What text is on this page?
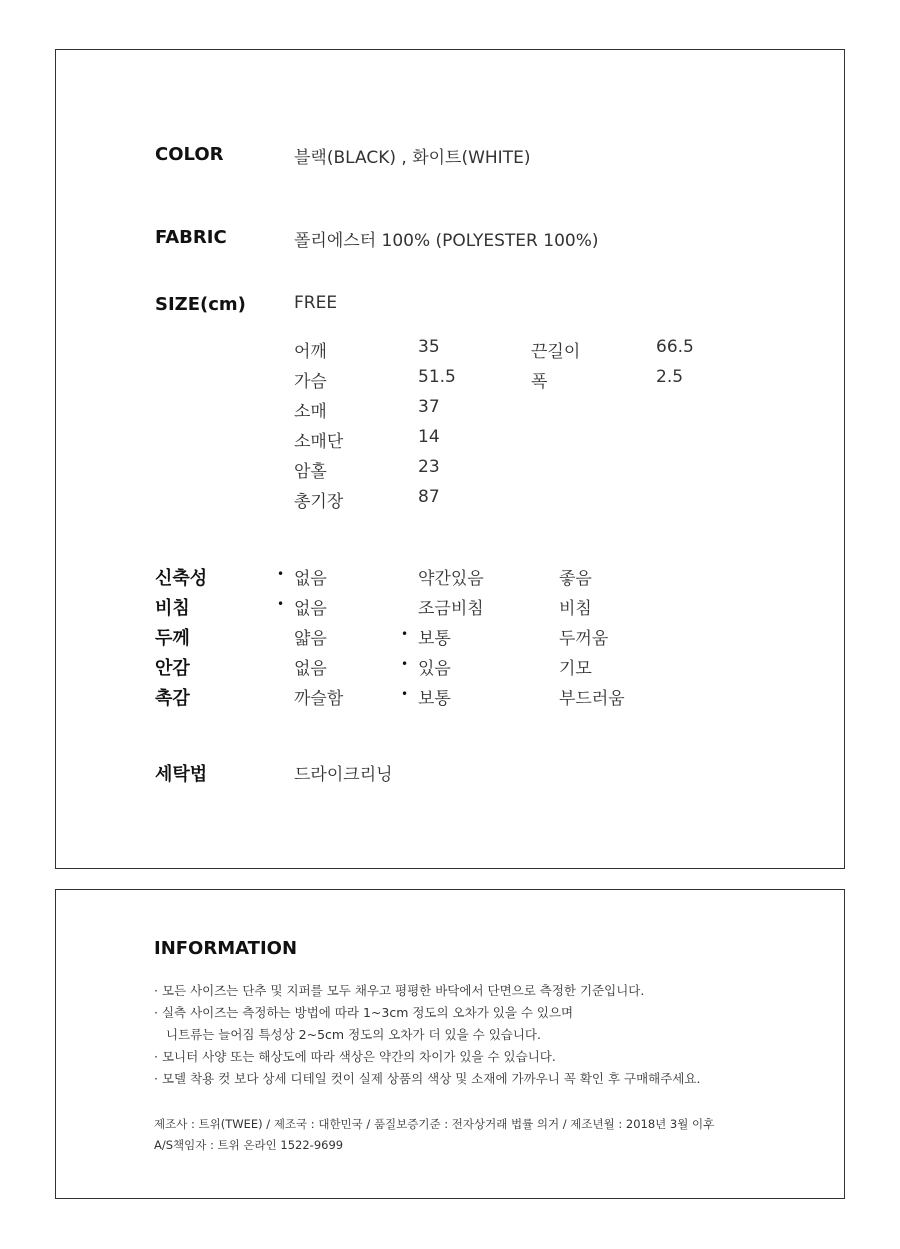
COLOR	블랙(BLACK) , 화이트(WHITE)
FABRIC	폴리에스터 100% (POLYESTER 100%)
SIZE(cm)	FREE
어깨	35	끈길이	66.5
가슴	51.5	폭	2.5
소매	37
소매단	14
암홀	23
총기장	87
신축성	• 없음	약간있음	좋음
비침	• 없음	조금비침	비침
두께	얇음	• 보통	두꺼움
안감	없음	• 있음	기모
촉감	까슬함	• 보통	부드러움
세탁법	드라이크리닝
INFORMATION
· 모든 사이즈는 단추 및 지퍼를 모두 채우고 평평한 바닥에서 단면으로 측정한 기준입니다.
· 실측 사이즈는 측정하는 방법에 따라 1~3cm 정도의 오차가 있을 수 있으며
니트류는 늘어짐 특성상 2~5cm 정도의 오차가 더 있을 수 있습니다.
· 모니터 사양 또는 해상도에 따라 색상은 약간의 차이가 있을 수 있습니다.
· 모델 착용 컷 보다 상세 디테일 컷이 실제 상품의 색상 및 소재에 가까우니 꼭 확인 후 구매해주세요.
제조사 : 트위(TWEE) / 제조국 : 대한민국 / 품질보증기준 : 전자상거래 법률 의거 / 제조년월 : 2018년 3월 이후
A/S책임자 : 트위 온라인 1522-9699
